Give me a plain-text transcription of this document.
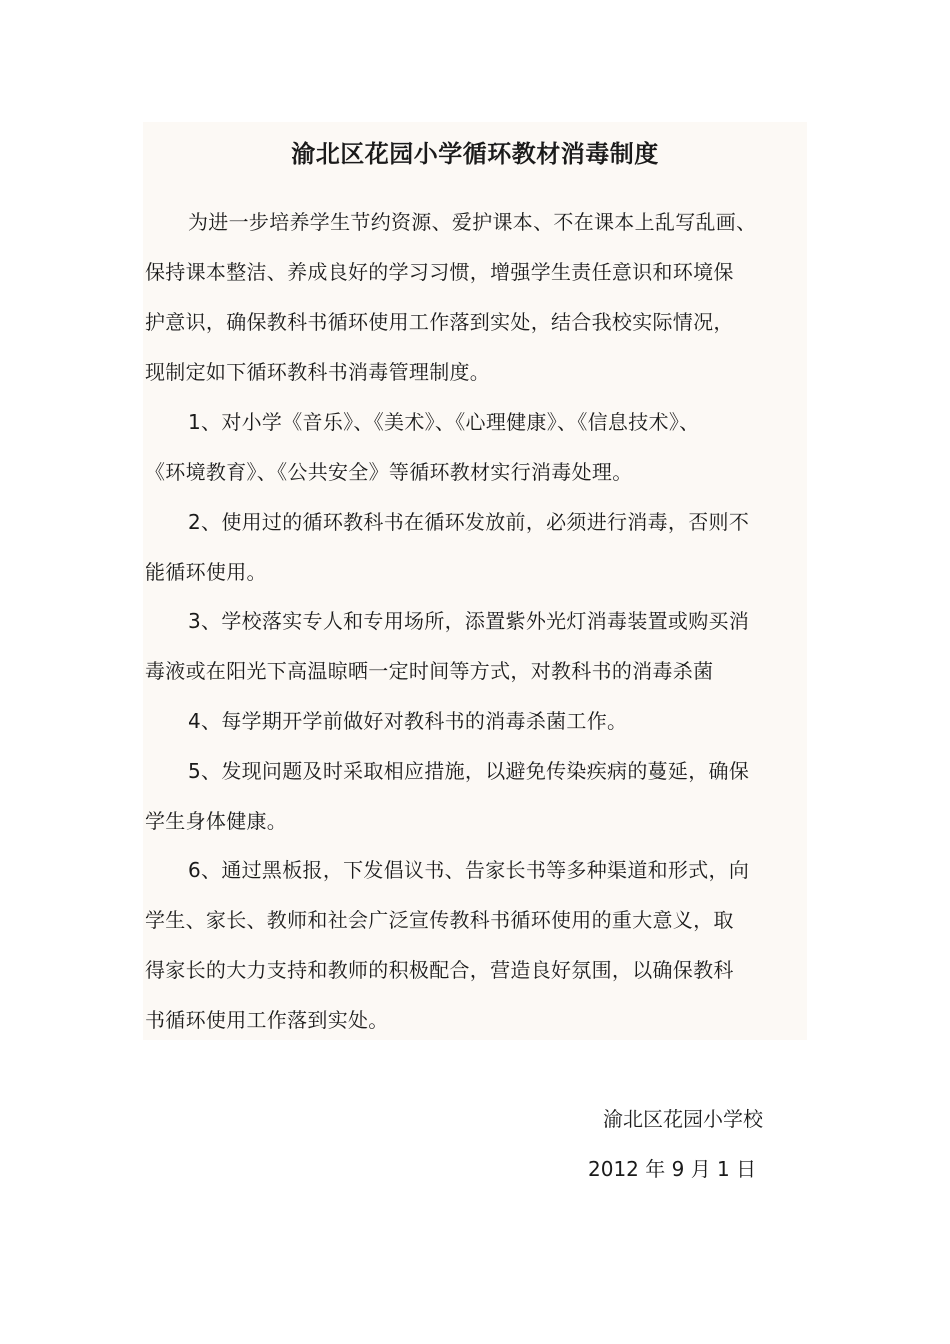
渝北区花园小学循环教材消毒制度
为进一步培养学生节约资源、爱护课本、不在课本上乱写乱画、
保持课本整洁、养成良好的学习习惯，增强学生责任意识和环境保
护意识，确保教科书循环使用工作落到实处，结合我校实际情况，
现制定如下循环教科书消毒管理制度。
1、对小学《音乐》、《美术》、《心理健康》、《信息技术》、
《环境教育》、《公共安全》等循环教材实行消毒处理。
2、使用过的循环教科书在循环发放前，必须进行消毒，否则不
能循环使用。
3、学校落实专人和专用场所，添置紫外光灯消毒装置或购买消
毒液或在阳光下高温晾晒一定时间等方式，对教科书的消毒杀菌
4、每学期开学前做好对教科书的消毒杀菌工作。
5、发现问题及时采取相应措施，以避免传染疾病的蔓延，确保
学生身体健康。
6、通过黑板报，下发倡议书、告家长书等多种渠道和形式，向
学生、家长、教师和社会广泛宣传教科书循环使用的重大意义，取
得家长的大力支持和教师的积极配合，营造良好氛围，以确保教科
书循环使用工作落到实处。
渝北区花园小学校
2012 年 9 月 1 日
